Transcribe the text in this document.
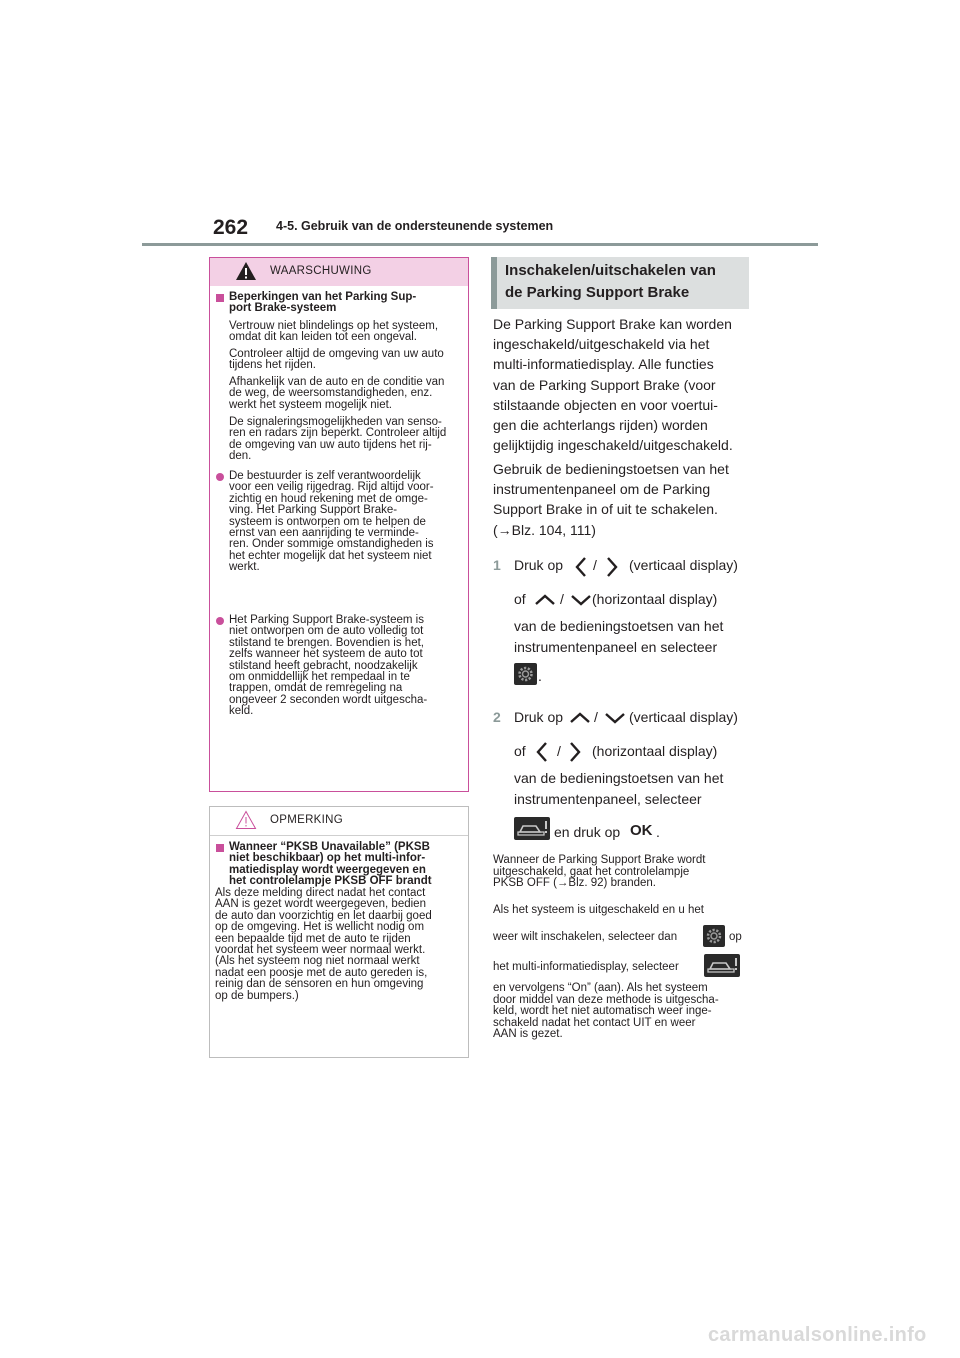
262 4-5. Gebruik van de ondersteunende systemen
WAARSCHUWING
Beperkingen van het Parking Sup-
port Brake-systeem
Vertrouw niet blindelings op het systeem,
omdat dit kan leiden tot een ongeval.
Controleer altijd de omgeving van uw auto
tijdens het rijden.
Afhankelijk van de auto en de conditie van
de weg, de weersomstandigheden, enz.
werkt het systeem mogelijk niet.
De signaleringsmogelijkheden van senso-
ren en radars zijn beperkt. Controleer altijd
de omgeving van uw auto tijdens het rij-
den.
De bestuurder is zelf verantwoordelijk
voor een veilig rijgedrag. Rijd altijd voor-
zichtig en houd rekening met de omge-
ving. Het Parking Support Brake-
systeem is ontworpen om te helpen de
ernst van een aanrijding te verminde-
ren. Onder sommige omstandigheden is
het echter mogelijk dat het systeem niet
werkt.
Het Parking Support Brake-systeem is
niet ontworpen om de auto volledig tot
stilstand te brengen. Bovendien is het,
zelfs wanneer het systeem de auto tot
stilstand heeft gebracht, noodzakelijk
om onmiddellijk het rempedaal in te
trappen, omdat de remregeling na
ongeveer 2 seconden wordt uitgescha-
keld.
OPMERKING
Wanneer “PKSB Unavailable” (PKSB
niet beschikbaar) op het multi-infor-
matiedisplay wordt weergegeven en
het controlelampje PKSB OFF brandt
Als deze melding direct nadat het contact
AAN is gezet wordt weergegeven, bedien
de auto dan voorzichtig en let daarbij goed
op de omgeving. Het is wellicht nodig om
een bepaalde tijd met de auto te rijden
voordat het systeem weer normaal werkt.
(Als het systeem nog niet normaal werkt
nadat een poosje met de auto gereden is,
reinig dan de sensoren en hun omgeving
op de bumpers.)
Inschakelen/uitschakelen van
de Parking Support Brake
De Parking Support Brake kan worden
ingeschakeld/uitgeschakeld via het
multi-informatiedisplay. Alle functies
van de Parking Support Brake (voor
stilstaande objecten en voor voertui-
gen die achterlangs rijden) worden
gelijktijdig ingeschakeld/uitgeschakeld.
Gebruik de bedieningstoetsen van het
instrumentenpaneel om de Parking
Support Brake in of uit te schakelen.
(→Blz. 104, 111)
1 Druk op / (verticaal display)
of / (horizontaal display)
van de bedieningstoetsen van het
instrumentenpaneel en selecteer
.
2 Druk op / (verticaal display)
of / (horizontaal display)
van de bedieningstoetsen van het
instrumentenpaneel, selecteer
en druk op OK .
Wanneer de Parking Support Brake wordt
uitgeschakeld, gaat het controlelampje
PKSB OFF (→Blz. 92) branden.
Als het systeem is uitgeschakeld en u het
weer wilt inschakelen, selecteer dan	op
het multi-informatiedisplay, selecteer
en vervolgens “On” (aan). Als het systeem
door middel van deze methode is uitgescha-
keld, wordt het niet automatisch weer inge-
schakeld nadat het contact UIT en weer
AAN is gezet.
carmanualsonline.info
